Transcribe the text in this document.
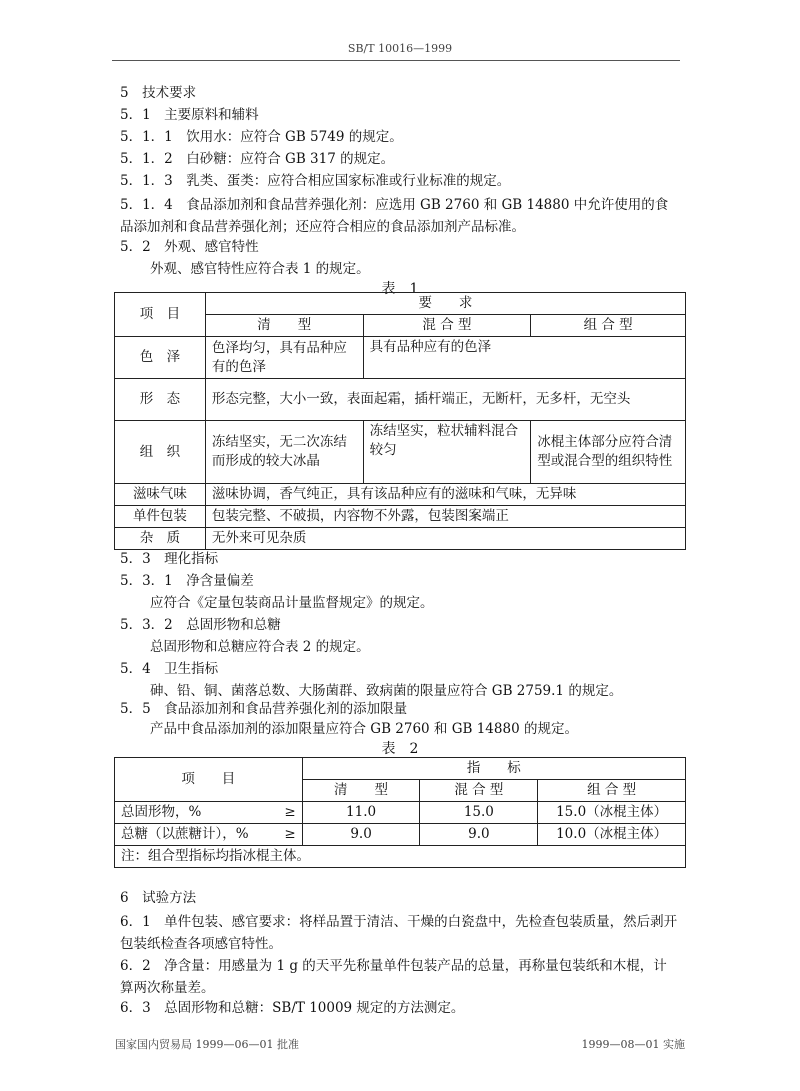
SB/T 10016—1999
5　技术要求
5．1　主要原料和辅料
5．1．1　饮用水：应符合 GB 5749 的规定。
5．1．2　白砂糖：应符合 GB 317 的规定。
5．1．3　乳类、蛋类：应符合相应国家标准或行业标准的规定。
5．1．4　食品添加剂和食品营养强化剂：应选用 GB 2760 和 GB 14880 中允许使用的食品添加剂和食品营养强化剂；还应符合相应的食品添加剂产品标准。
5．2　外观、感官特性
外观、感官特性应符合表 1 的规定。
表　1
项　目	要　　求		
	清　　型	混 合 型	组 合 型
色　泽	色泽均匀，具有品种应有的色泽	具有品种应有的色泽	
形　态	形态完整，大小一致，表面起霜，插杆端正，无断杆，无多杆，无空头		
组　织	冻结坚实，无二次冻结而形成的较大冰晶	冻结坚实，粒状辅料混合较匀	冰棍主体部分应符合清型或混合型的组织特性
滋味气味	滋味协调，香气纯正，具有该品种应有的滋味和气味，无异味		
单件包装	包装完整、不破损，内容物不外露，包装图案端正		
杂　质	无外来可见杂质		
5．3　理化指标
5．3．1　净含量偏差
应符合《定量包装商品计量监督规定》的规定。
5．3．2　总固形物和总糖
总固形物和总糖应符合表 2 的规定。
5．4　卫生指标
砷、铅、铜、菌落总数、大肠菌群、致病菌的限量应符合 GB 2759.1 的规定。
5．5　食品添加剂和食品营养强化剂的添加限量
产品中食品添加剂的添加限量应符合 GB 2760 和 GB 14880 的规定。
表　2
项　　目	指　　标		
	清　　型	混 合 型	组 合 型
总固形物，% ≥	11.0	15.0	15.0（冰棍主体）
总糖（以蔗糖计），% ≥	9.0	9.0	10.0（冰棍主体）
注：组合型指标均指冰棍主体。			
6　试验方法
6．1　单件包装、感官要求：将样品置于清洁、干燥的白瓷盘中，先检查包装质量，然后剥开包装纸检查各项感官特性。
6．2　净含量：用感量为 1 g 的天平先称量单件包装产品的总量，再称量包装纸和木棍，计算两次称量差。
6．3　总固形物和总糖：SB/T 10009 规定的方法测定。
国家国内贸易局 1999—06—01 批准	1999—08—01 实施
